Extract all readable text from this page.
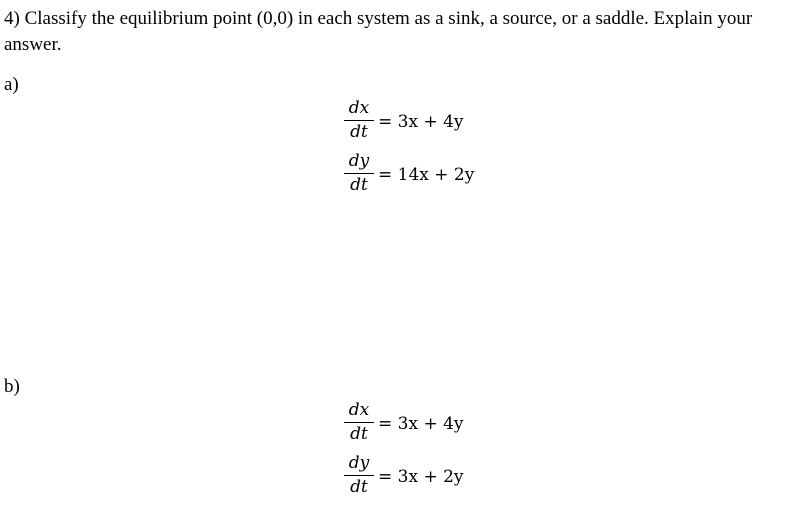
4) Classify the equilibrium point (0,0) in each system as a sink, a source, or a saddle. Explain your answer.

a)
dx
dt = 3x + 4y
dy
dt = 14x + 2y
b)
dx
dt = 3x + 4y
dy
dt = 3x + 2y
